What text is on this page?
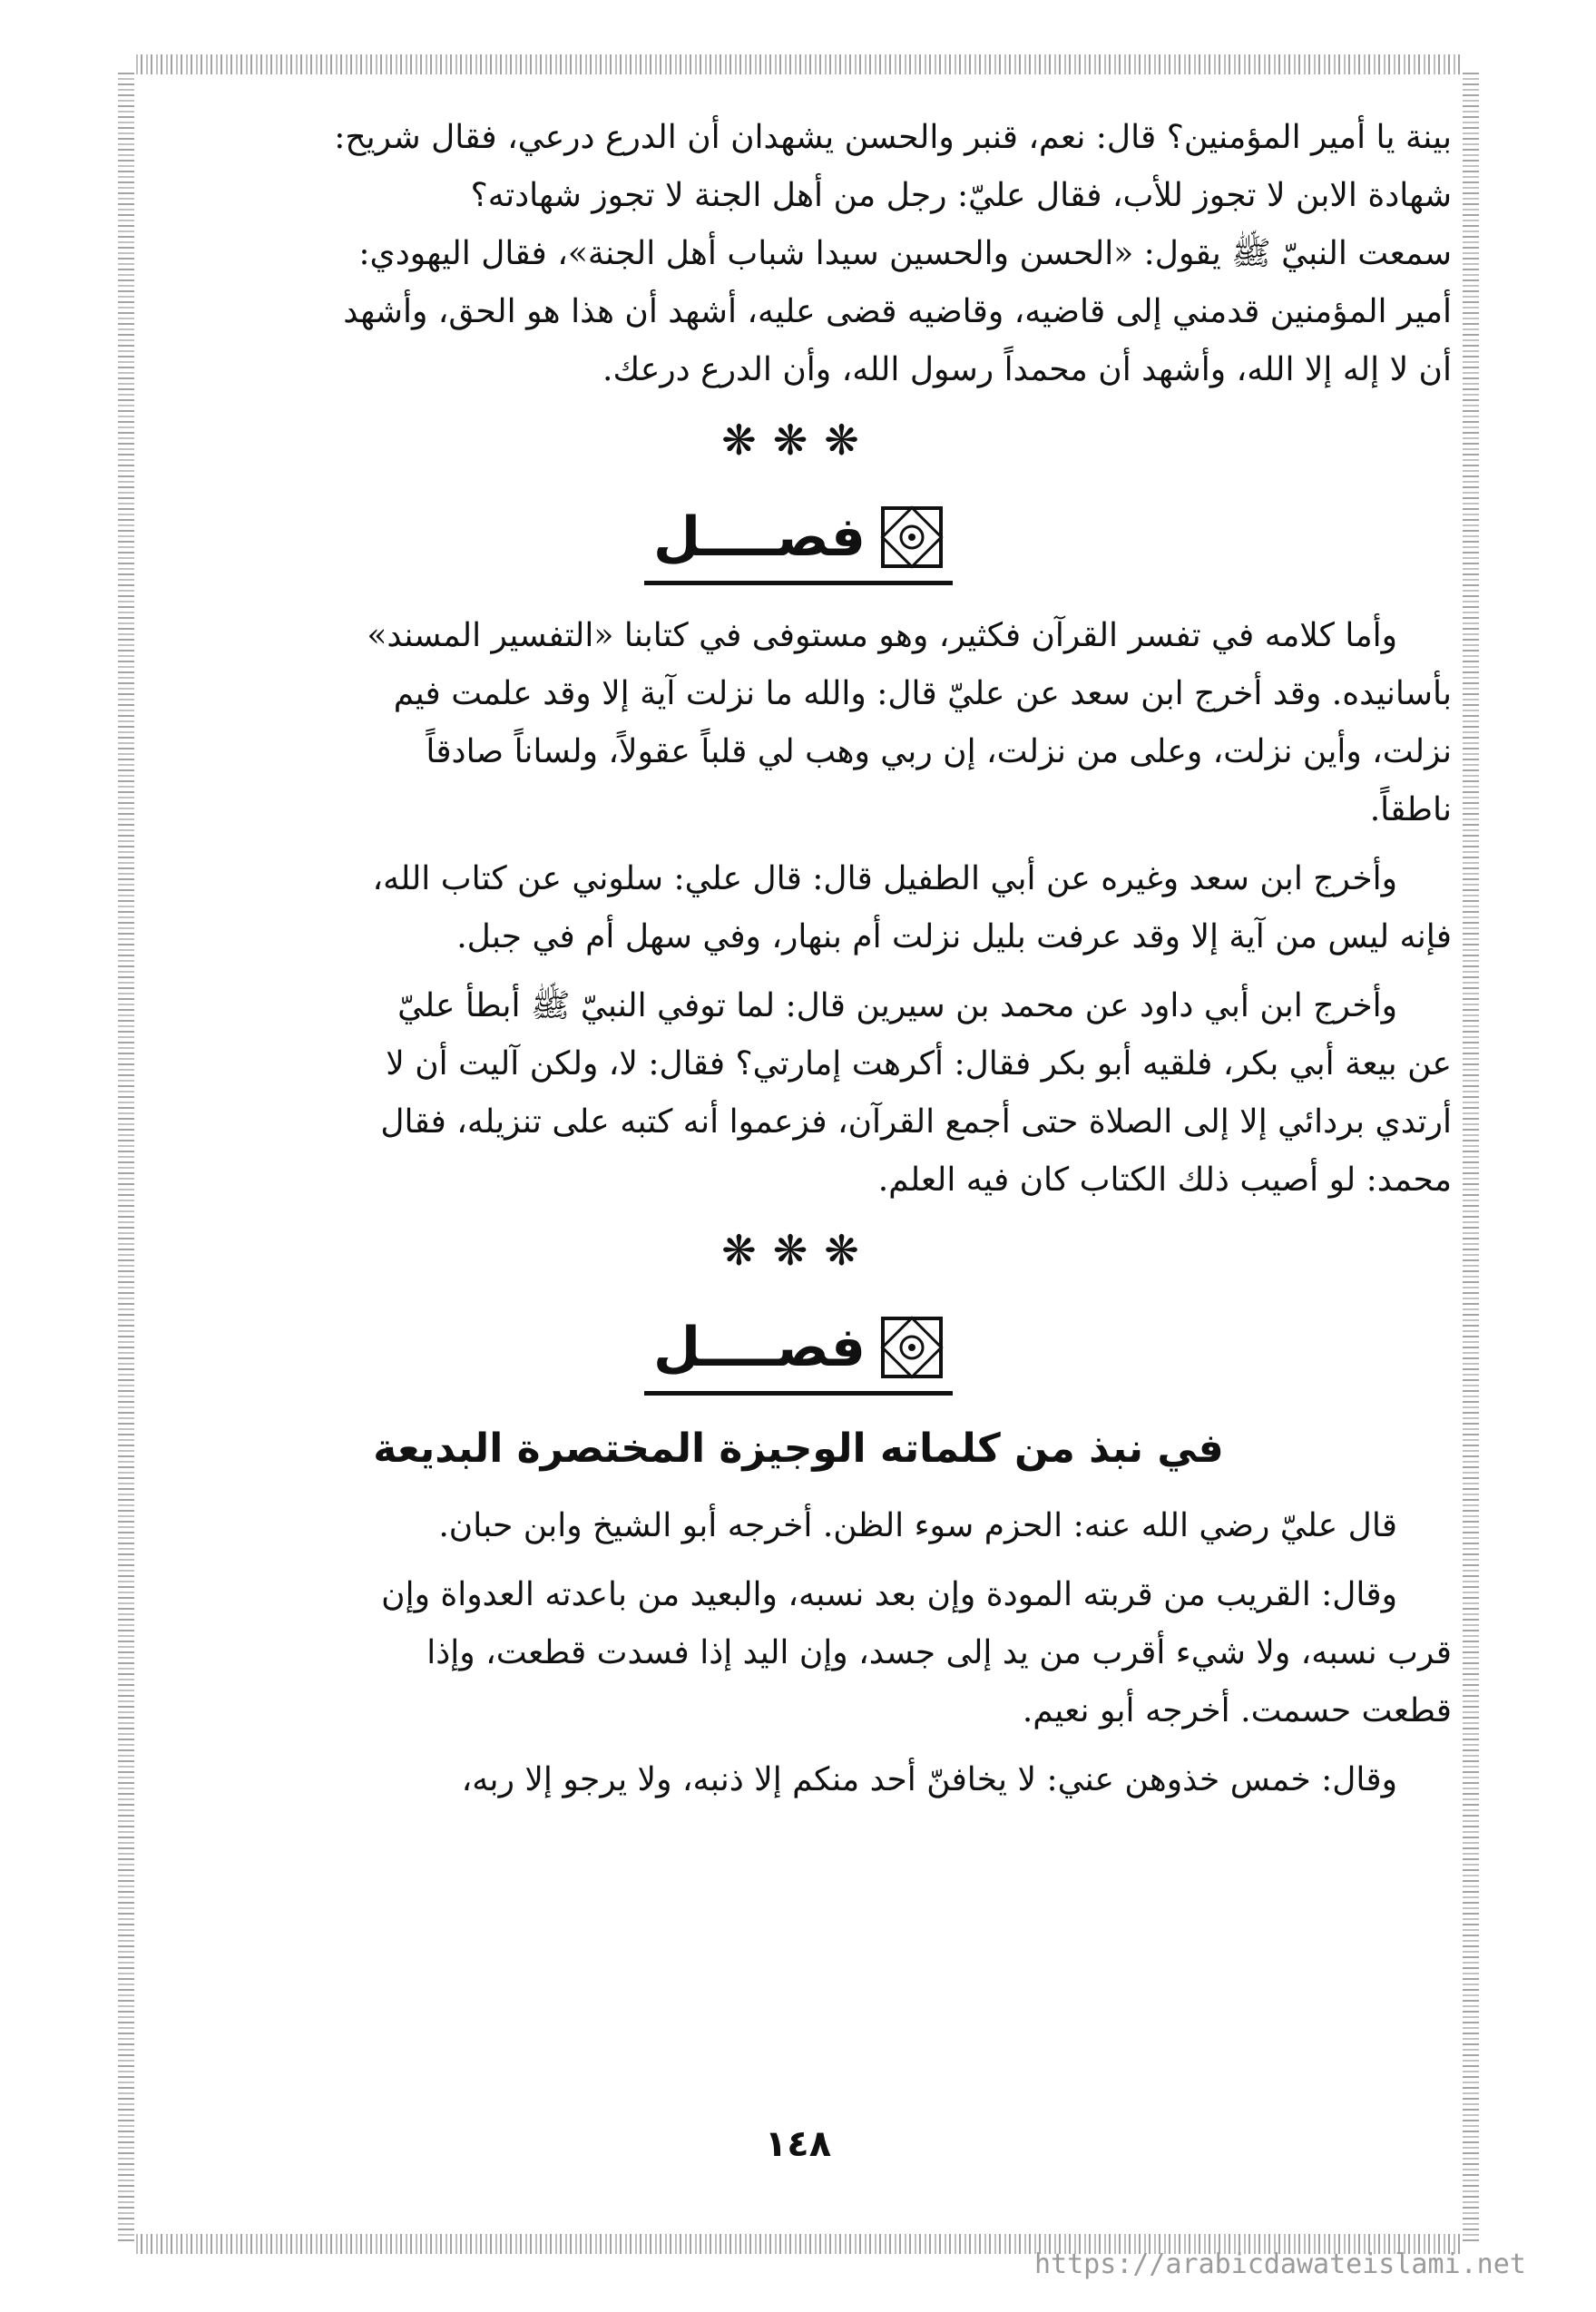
بينة يا أمير المؤمنين؟ قال: نعم، قنبر والحسن يشهدان أن الدرع درعي، فقال شريح:

شهادة الابن لا تجوز للأب، فقال عليّ: رجل من أهل الجنة لا تجوز شهادته؟

سمعت النبيّ ﷺ يقول: «الحسن والحسين سيدا شباب أهل الجنة»، فقال اليهودي:

أمير المؤمنين قدمني إلى قاضيه، وقاضيه قضى عليه، أشهد أن هذا هو الحق، وأشهد

أن لا إله إلا الله، وأشهد أن محمداً رسول الله، وأن الدرع درعك.

❋❋❋
فصــــل

وأما كلامه في تفسر القرآن فكثير، وهو مستوفى في كتابنا «التفسير المسند»

بأسانيده. وقد أخرج ابن سعد عن عليّ قال: والله ما نزلت آية إلا وقد علمت فيم

نزلت، وأين نزلت، وعلى من نزلت، إن ربي وهب لي قلباً عقولاً، ولساناً صادقاً

ناطقاً.

وأخرج ابن سعد وغيره عن أبي الطفيل قال: قال علي: سلوني عن كتاب الله،

فإنه ليس من آية إلا وقد عرفت بليل نزلت أم بنهار، وفي سهل أم في جبل.

وأخرج ابن أبي داود عن محمد بن سيرين قال: لما توفي النبيّ ﷺ أبطأ عليّ

عن بيعة أبي بكر، فلقيه أبو بكر فقال: أكرهت إمارتي؟ فقال: لا، ولكن آليت أن لا

أرتدي بردائي إلا إلى الصلاة حتى أجمع القرآن، فزعموا أنه كتبه على تنزيله، فقال

محمد: لو أصيب ذلك الكتاب كان فيه العلم.

❋❋❋
فصــــل
في نبذ من كلماته الوجيزة المختصرة البديعة

قال عليّ رضي الله عنه: الحزم سوء الظن. أخرجه أبو الشيخ وابن حبان.

وقال: القريب من قربته المودة وإن بعد نسبه، والبعيد من باعدته العدواة وإن

قرب نسبه، ولا شيء أقرب من يد إلى جسد، وإن اليد إذا فسدت قطعت، وإذا

قطعت حسمت. أخرجه أبو نعيم.

وقال: خمس خذوهن عني: لا يخافنّ أحد منكم إلا ذنبه، ولا يرجو إلا ربه،

١٤٨
https://arabicdawateislami.net
